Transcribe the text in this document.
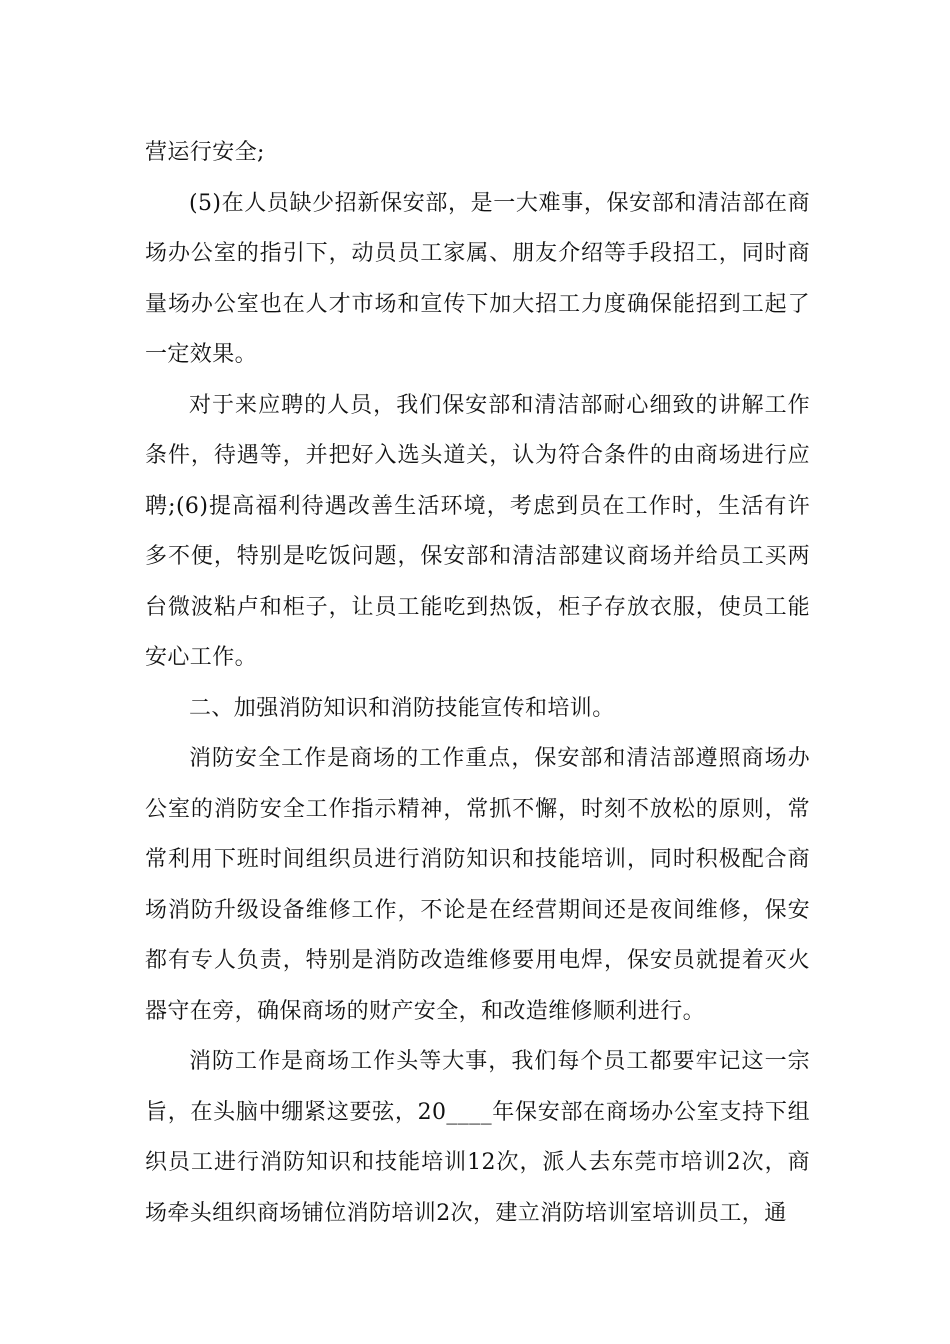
营运行安全;

(5)在人员缺少招新保安部，是一大难事，保安部和清洁部在商场办公室的指引下，动员员工家属、朋友介绍等手段招工，同时商量场办公室也在人才市场和宣传下加大招工力度确保能招到工起了一定效果。

对于来应聘的人员，我们保安部和清洁部耐心细致的讲解工作条件，待遇等，并把好入选头道关，认为符合条件的由商场进行应聘;(6)提高福利待遇改善生活环境，考虑到员在工作时，生活有许多不便，特别是吃饭问题，保安部和清洁部建议商场并给员工买两台微波粘卢和柜子，让员工能吃到热饭，柜子存放衣服，使员工能安心工作。

二、加强消防知识和消防技能宣传和培训。

消防安全工作是商场的工作重点，保安部和清洁部遵照商场办公室的消防安全工作指示精神，常抓不懈，时刻不放松的原则，常常利用下班时间组织员进行消防知识和技能培训，同时积极配合商场消防升级设备维修工作，不论是在经营期间还是夜间维修，保安都有专人负责，特别是消防改造维修要用电焊，保安员就提着灭火器守在旁，确保商场的财产安全，和改造维修顺利进行。

消防工作是商场工作头等大事，我们每个员工都要牢记这一宗旨，在头脑中绷紧这要弦，20____年保安部在商场办公室支持下组织员工进行消防知识和技能培训12次，派人去东莞市培训2次，商场牵头组织商场铺位消防培训2次，建立消防培训室培训员工，通
